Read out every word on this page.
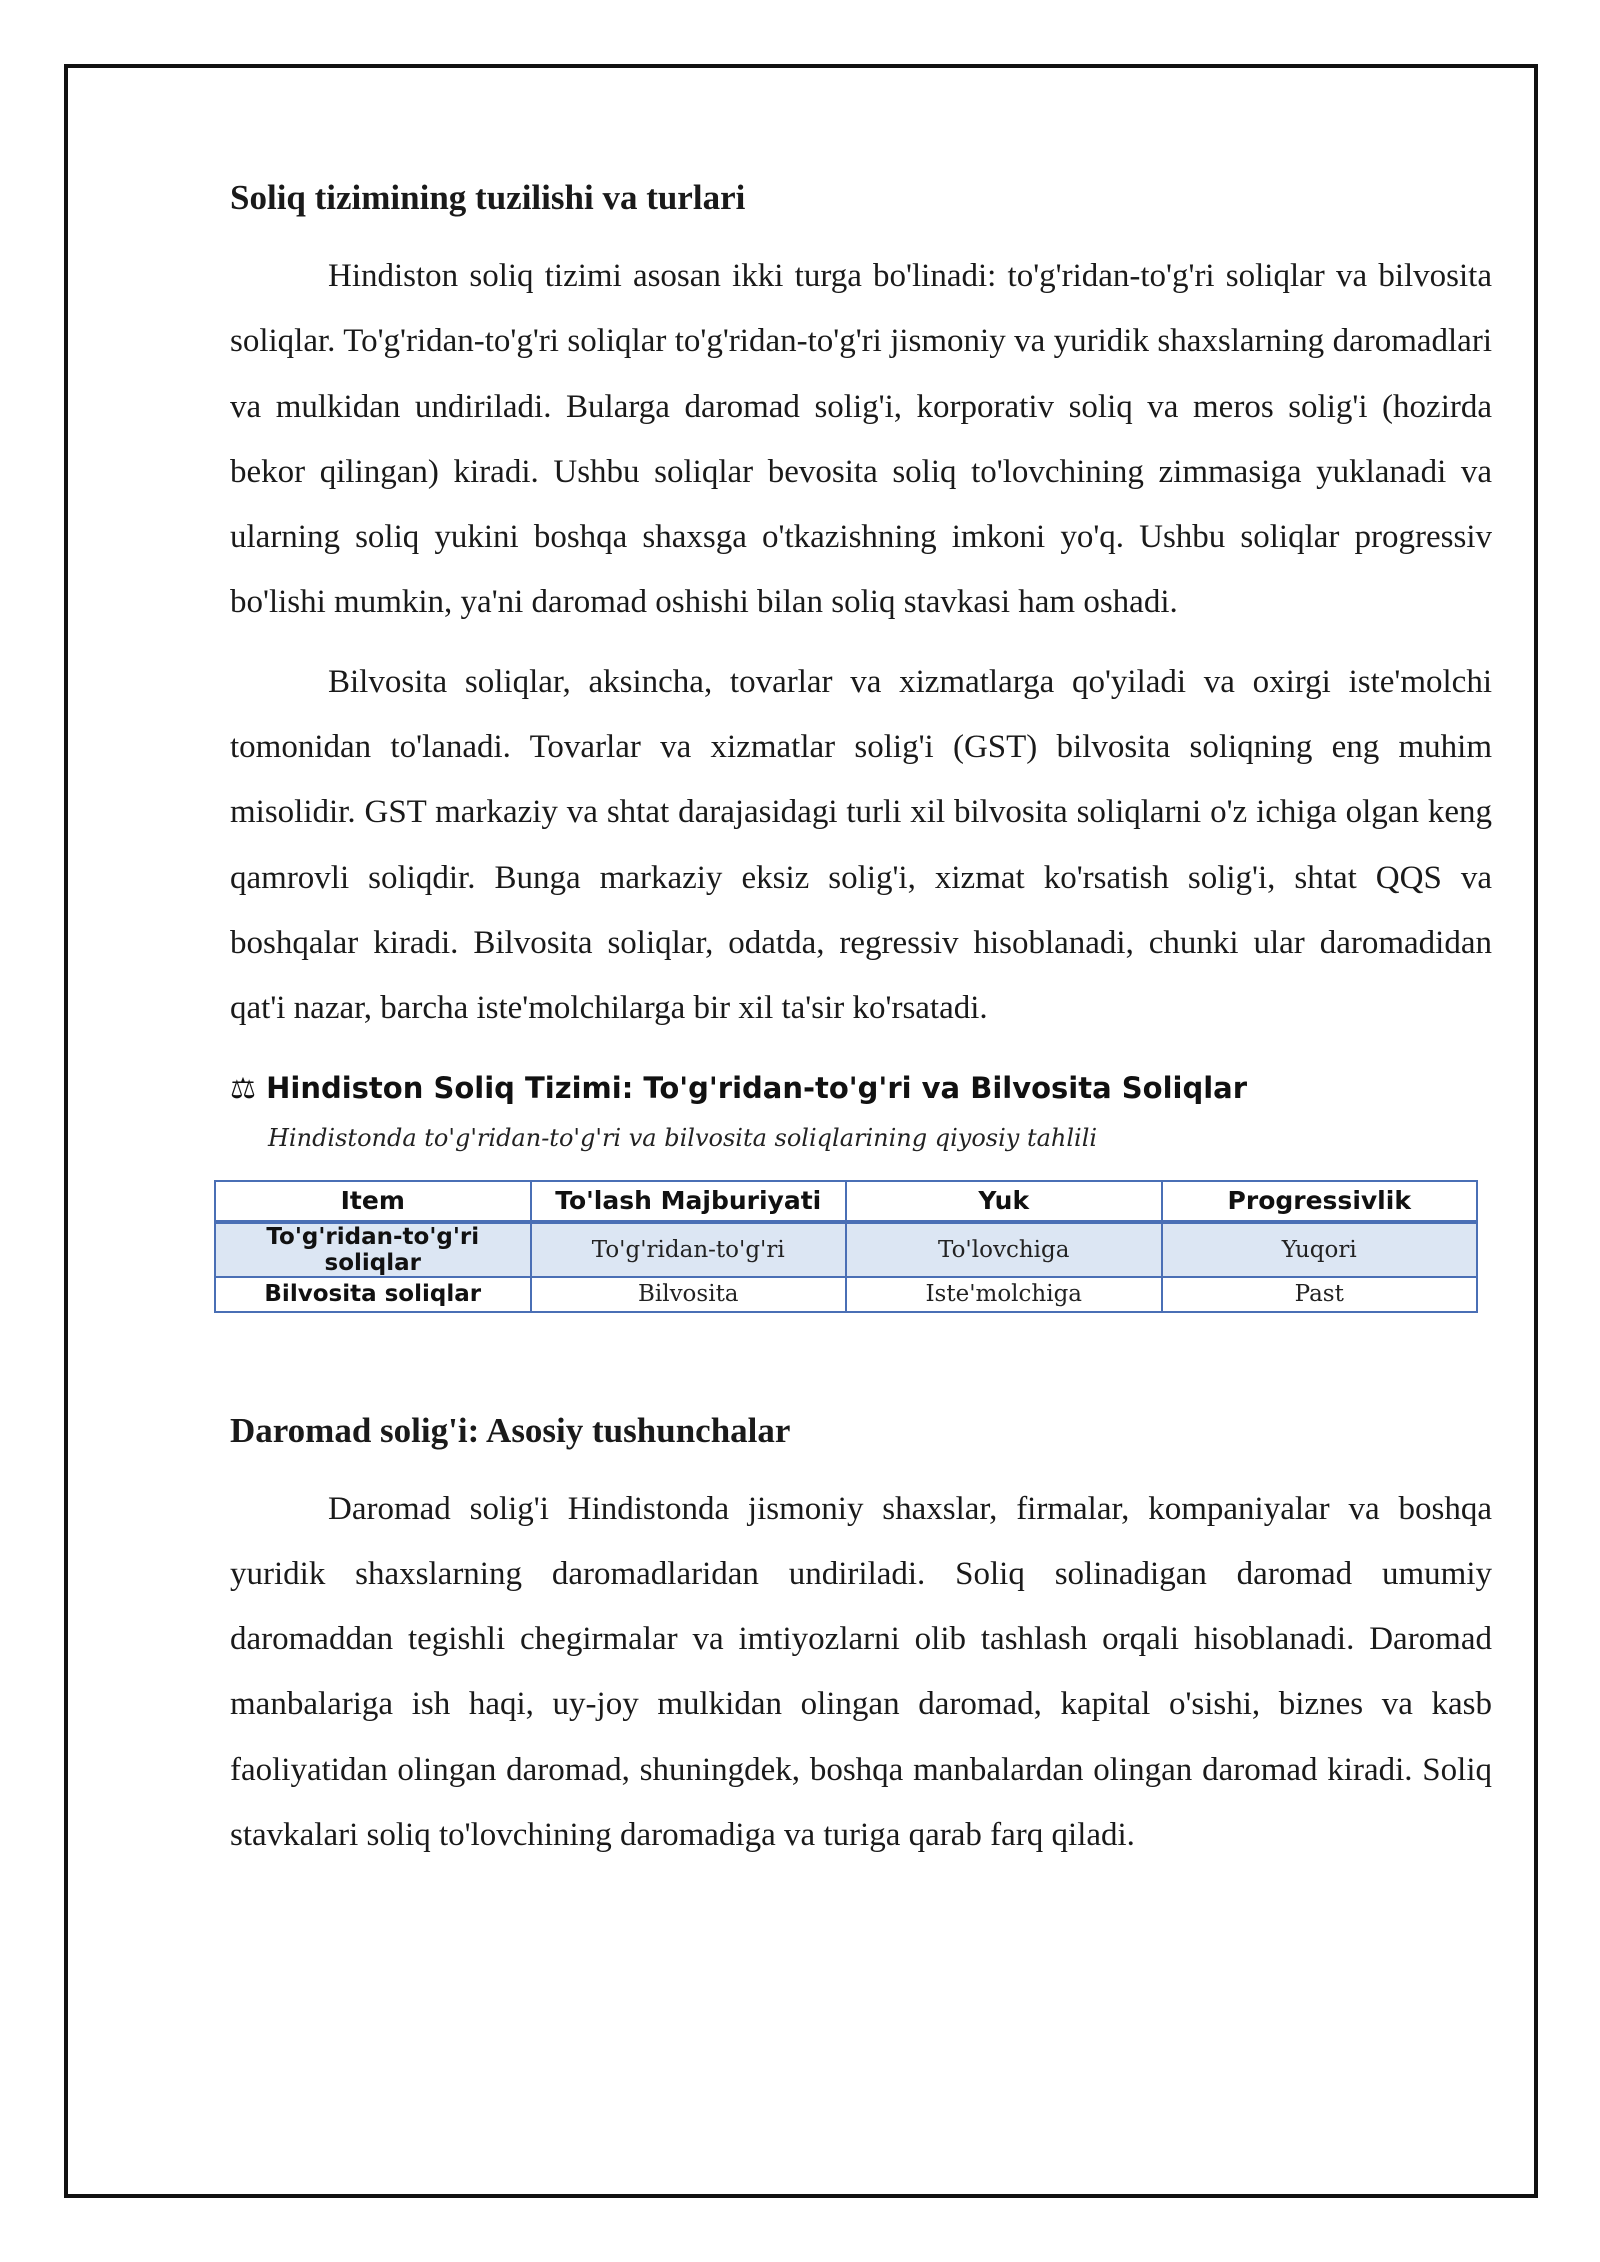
Soliq tizimining tuzilishi va turlari

Hindiston soliq tizimi asosan ikki turga bo'linadi: to'g'ridan-to'g'ri soliqlar va bilvosita soliqlar. To'g'ridan-to'g'ri soliqlar to'g'ridan-to'g'ri jismoniy va yuridik shaxslarning daromadlari va mulkidan undiriladi. Bularga daromad solig'i, korporativ soliq va meros solig'i (hozirda bekor qilingan) kiradi. Ushbu soliqlar bevosita soliq to'lovchining zimmasiga yuklanadi va ularning soliq yukini boshqa shaxsga o'tkazishning imkoni yo'q. Ushbu soliqlar progressiv bo'lishi mumkin, ya'ni daromad oshishi bilan soliq stavkasi ham oshadi.

Bilvosita soliqlar, aksincha, tovarlar va xizmatlarga qo'yiladi va oxirgi iste'molchi tomonidan to'lanadi. Tovarlar va xizmatlar solig'i (GST) bilvosita soliqning eng muhim misolidir. GST markaziy va shtat darajasidagi turli xil bilvosita soliqlarni o'z ichiga olgan keng qamrovli soliqdir. Bunga markaziy eksiz solig'i, xizmat ko'rsatish solig'i, shtat QQS va boshqalar kiradi. Bilvosita soliqlar, odatda, regressiv hisoblanadi, chunki ular daromadidan qat'i nazar, barcha iste'molchilarga bir xil ta'sir ko'rsatadi.

⚖ Hindiston Soliq Tizimi: To'g'ridan-to'g'ri va Bilvosita Soliqlar
Hindistonda to'g'ridan-to'g'ri va bilvosita soliqlarining qiyosiy tahlili
Item	To'lash Majburiyati	Yuk	Progressivlik
To'g'ridan-to'g'ri soliqlar	To'g'ridan-to'g'ri	To'lovchiga	Yuqori
Bilvosita soliqlar	Bilvosita	Iste'molchiga	Past
Daromad solig'i: Asosiy tushunchalar

Daromad solig'i Hindistonda jismoniy shaxslar, firmalar, kompaniyalar va boshqa yuridik shaxslarning daromadlaridan undiriladi. Soliq solinadigan daromad umumiy daromaddan tegishli chegirmalar va imtiyozlarni olib tashlash orqali hisoblanadi. Daromad manbalariga ish haqi, uy-joy mulkidan olingan daromad, kapital o'sishi, biznes va kasb faoliyatidan olingan daromad, shuningdek, boshqa manbalardan olingan daromad kiradi. Soliq stavkalari soliq to'lovchining daromadiga va turiga qarab farq qiladi.
